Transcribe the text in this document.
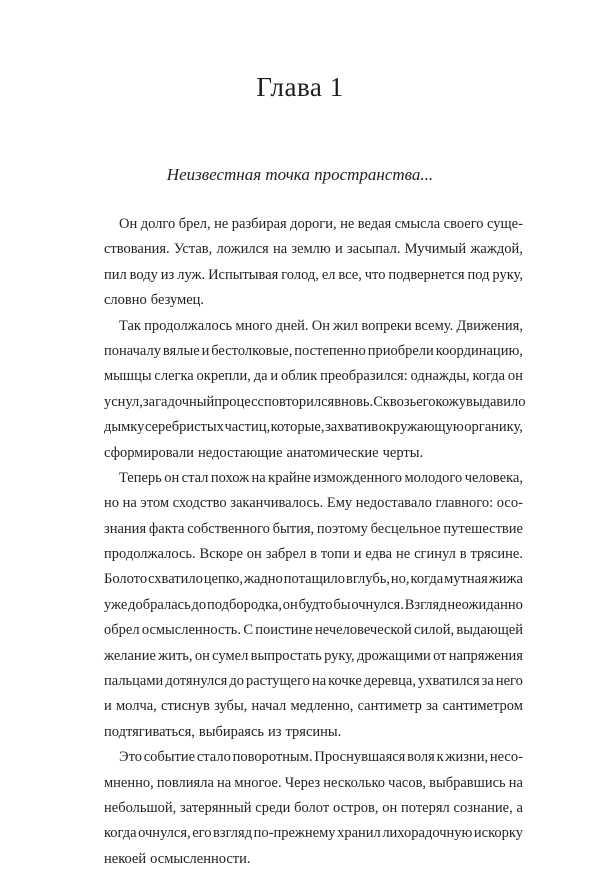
Глава 1
Неизвестная точка пространства...
Он долго брел, не разбирая дороги, не ведая смысла своего суще-
ствования. Устав, ложился на землю и засыпал. Мучимый жаждой,
пил воду из луж. Испытывая голод, ел все, что подвернется под руку,
словно безумец.
Так продолжалось много дней. Он жил вопреки всему. Движения,
поначалу вялые и бестолковые, постепенно приобрели координацию,
мышцы слегка окрепли, да и облик преобразился: однажды, когда он
уснул, загадочный процесс повторился вновь. Сквозь его кожу выдавило
дымку серебристых частиц, которые, захватив окружающую органику,
сформировали недостающие анатомические черты.
Теперь он стал похож на крайне изможденного молодого человека,
но на этом сходство заканчивалось. Ему недоставало главного: осо-
знания факта собственного бытия, поэтому бесцельное путешествие
продолжалось. Вскоре он забрел в топи и едва не сгинул в трясине.
Болото схватило цепко, жадно потащило вглубь, но, когда мутная жижа
уже добралась до подбородка, он будто бы очнулся. Взгляд неожиданно
обрел осмысленность. С поистине нечеловеческой силой, выдающей
желание жить, он сумел выпростать руку, дрожащими от напряжения
пальцами дотянулся до растущего на кочке деревца, ухватился за него
и молча, стиснув зубы, начал медленно, сантиметр за сантиметром
подтягиваться, выбираясь из трясины.
Это событие стало поворотным. Проснувшаяся воля к жизни, несо-
мненно, повлияла на многое. Через несколько часов, выбравшись на
небольшой, затерянный среди болот остров, он потерял сознание, а
когда очнулся, его взгляд по-прежнему хранил лихорадочную искорку
некоей осмысленности.
